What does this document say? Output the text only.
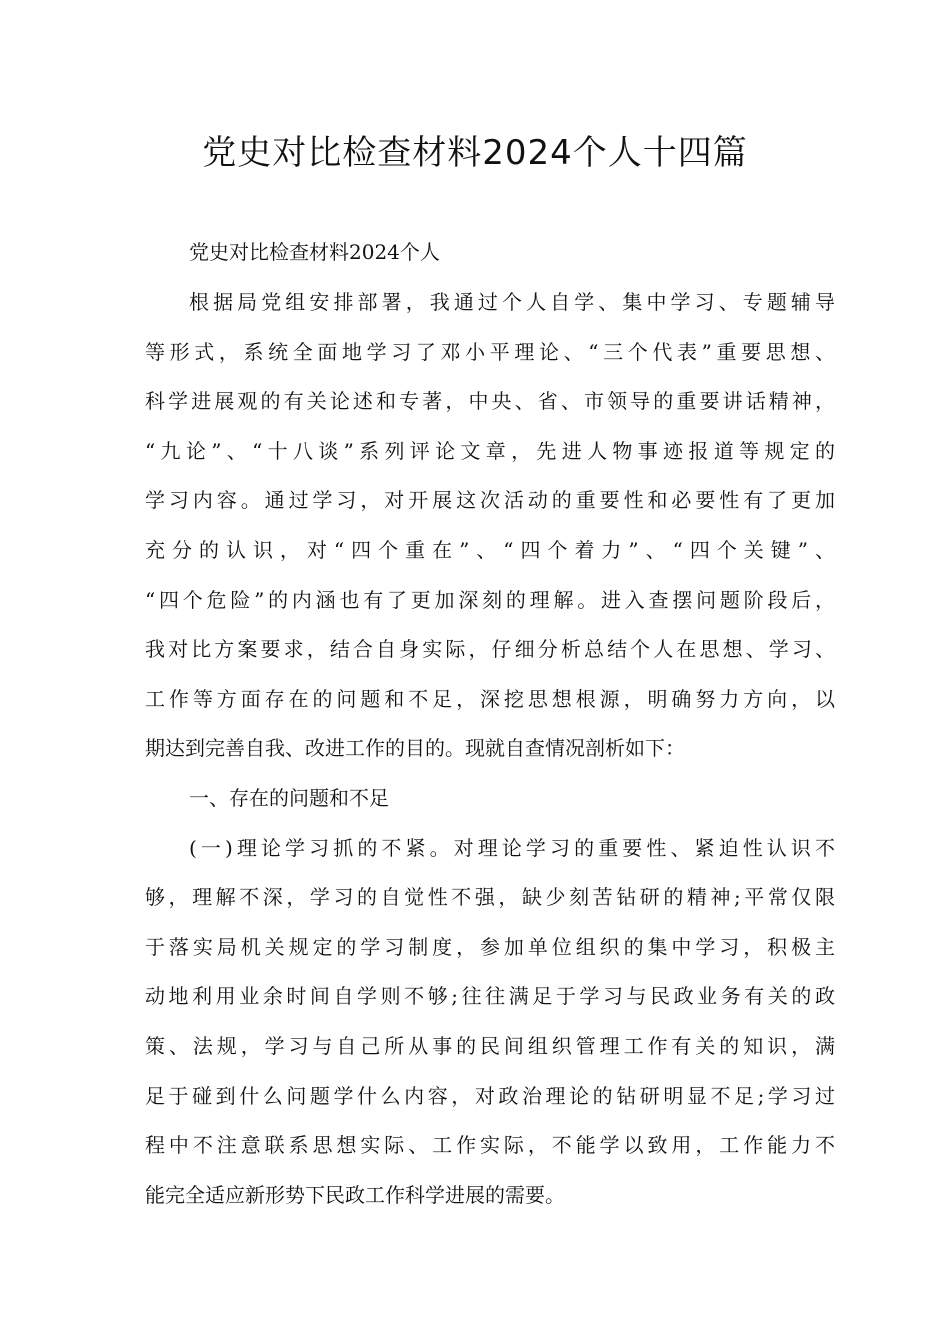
党史对比检查材料2024个人十四篇

党史对比检查材料2024个人

根据局党组安排部署，我通过个人自学、集中学习、专题辅导

等形式，系统全面地学习了邓小平理论、“三个代表”重要思想、

科学进展观的有关论述和专著，中央、省、市领导的重要讲话精神，

“九论”、“十八谈”系列评论文章，先进人物事迹报道等规定的

学习内容。通过学习，对开展这次活动的重要性和必要性有了更加

充分的认识，对“四个重在”、“四个着力”、“四个关键”、

“四个危险”的内涵也有了更加深刻的理解。进入查摆问题阶段后，

我对比方案要求，结合自身实际，仔细分析总结个人在思想、学习、

工作等方面存在的问题和不足，深挖思想根源，明确努力方向，以

期达到完善自我、改进工作的目的。现就自查情况剖析如下：

一、存在的问题和不足

(一)理论学习抓的不紧。对理论学习的重要性、紧迫性认识不

够，理解不深，学习的自觉性不强，缺少刻苦钻研的精神;平常仅限

于落实局机关规定的学习制度，参加单位组织的集中学习，积极主

动地利用业余时间自学则不够;往往满足于学习与民政业务有关的政

策、法规，学习与自己所从事的民间组织管理工作有关的知识，满

足于碰到什么问题学什么内容，对政治理论的钻研明显不足;学习过

程中不注意联系思想实际、工作实际，不能学以致用，工作能力不

能完全适应新形势下民政工作科学进展的需要。
